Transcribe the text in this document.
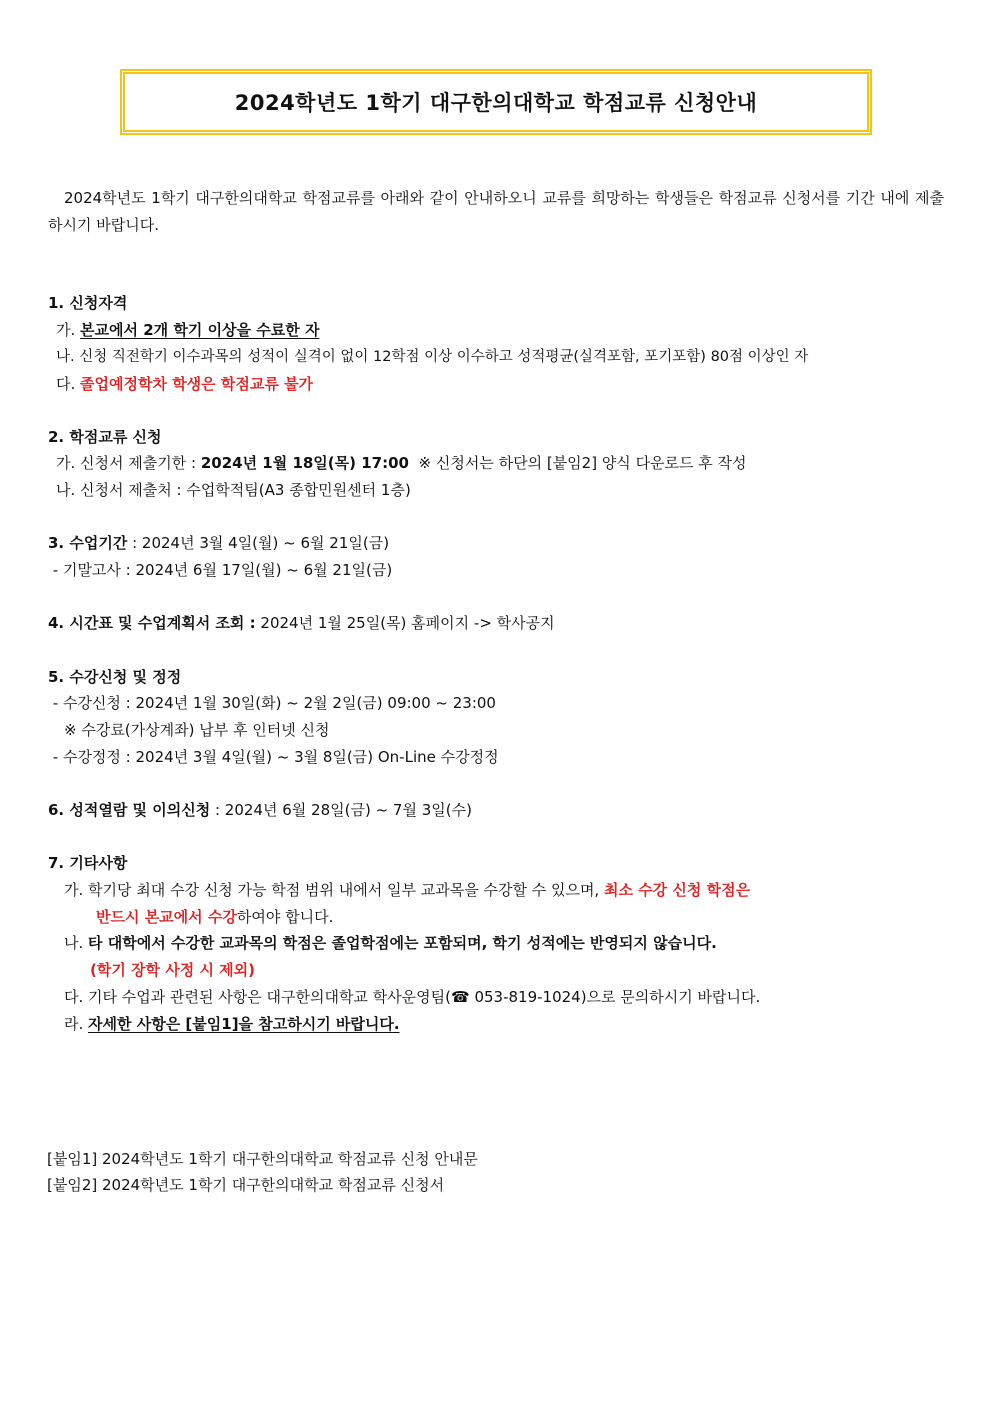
2024학년도 1학기 대구한의대학교 학점교류 신청안내
2024학년도 1학기 대구한의대학교 학점교류를 아래와 같이 안내하오니 교류를 희망하는 학생들은 학점교류 신청서를 기간 내에 제출하시기 바랍니다.
1. 신청자격
가. 본교에서 2개 학기 이상을 수료한 자
나. 신청 직전학기 이수과목의 성적이 실격이 없이 12학점 이상 이수하고 성적평균(실격포함, 포기포함) 80점 이상인 자
다. 졸업예정학차 학생은 학점교류 불가
2. 학점교류 신청
가. 신청서 제출기한 : 2024년 1월 18일(목) 17:00  ※ 신청서는 하단의 [붙임2] 양식 다운로드 후 작성
나. 신청서 제출처 : 수업학적팀(A3 종합민원센터 1층)
3. 수업기간 : 2024년 3월 4일(월) ~ 6월 21일(금)
- 기말고사 : 2024년 6월 17일(월) ~ 6월 21일(금)
4. 시간표 및 수업계획서 조회 : 2024년 1월 25일(목) 홈페이지 -> 학사공지
5. 수강신청 및 정정
- 수강신청 : 2024년 1월 30일(화) ~ 2월 2일(금) 09:00 ~ 23:00
※ 수강료(가상계좌) 납부 후 인터넷 신청
- 수강정정 : 2024년 3월 4일(월) ~ 3월 8일(금) On-Line 수강정정
6. 성적열람 및 이의신청 : 2024년 6월 28일(금) ~ 7월 3일(수)
7. 기타사항
가. 학기당 최대 수강 신청 가능 학점 범위 내에서 일부 교과목을 수강할 수 있으며, 최소 수강 신청 학점은
반드시 본교에서 수강하여야 합니다.
나. 타 대학에서 수강한 교과목의 학점은 졸업학점에는 포함되며, 학기 성적에는 반영되지 않습니다.
(학기 장학 사정 시 제외)
다. 기타 수업과 관련된 사항은 대구한의대학교 학사운영팀(☎ 053-819-1024)으로 문의하시기 바랍니다.
라. 자세한 사항은 [붙임1]을 참고하시기 바랍니다.
[붙임1] 2024학년도 1학기 대구한의대학교 학점교류 신청 안내문
[붙임2] 2024학년도 1학기 대구한의대학교 학점교류 신청서
